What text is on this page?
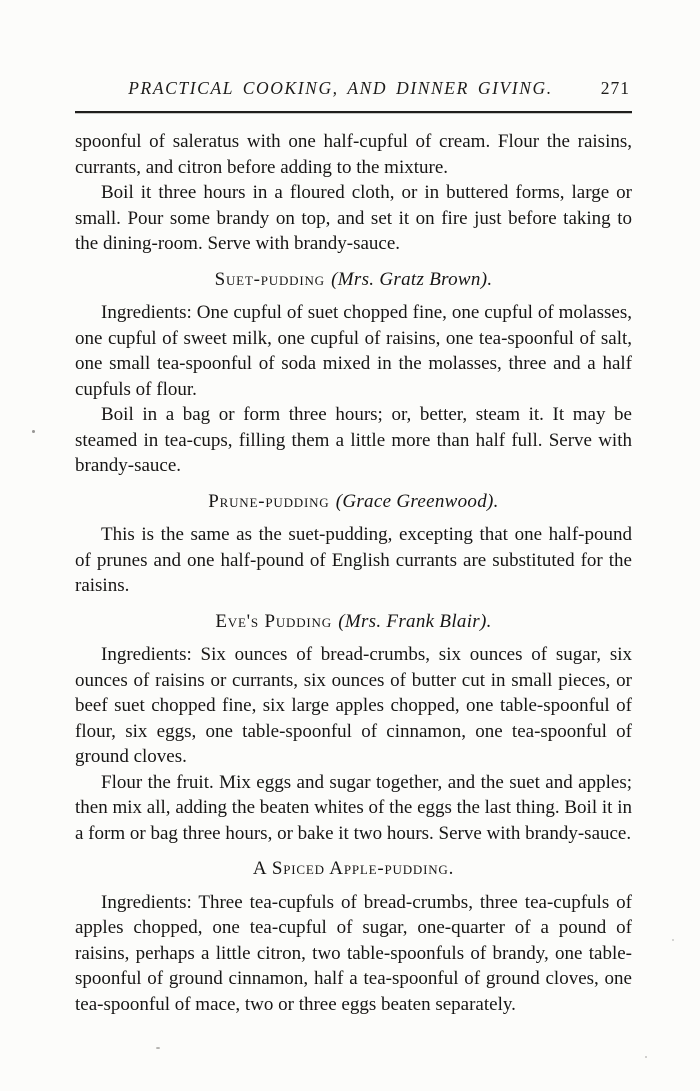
PRACTICAL COOKING, AND DINNER GIVING.	271

spoonful of saleratus with one half-cupful of cream. Flour the raisins, currants, and citron before adding to the mixture.

Boil it three hours in a floured cloth, or in buttered forms, large or small. Pour some brandy on top, and set it on fire just before taking to the dining-room. Serve with brandy-sauce.

Suet-pudding (Mrs. Gratz Brown).

Ingredients: One cupful of suet chopped fine, one cupful of molasses, one cupful of sweet milk, one cupful of raisins, one tea-spoonful of salt, one small tea-spoonful of soda mixed in the molasses, three and a half cupfuls of flour.

Boil in a bag or form three hours; or, better, steam it. It may be steamed in tea-cups, filling them a little more than half full. Serve with brandy-sauce.

Prune-pudding (Grace Greenwood).

This is the same as the suet-pudding, excepting that one half-pound of prunes and one half-pound of English currants are substituted for the raisins.

Eve's Pudding (Mrs. Frank Blair).

Ingredients: Six ounces of bread-crumbs, six ounces of sugar, six ounces of raisins or currants, six ounces of butter cut in small pieces, or beef suet chopped fine, six large apples chopped, one table-spoonful of flour, six eggs, one table-spoonful of cinnamon, one tea-spoonful of ground cloves.

Flour the fruit. Mix eggs and sugar together, and the suet and apples; then mix all, adding the beaten whites of the eggs the last thing. Boil it in a form or bag three hours, or bake it two hours. Serve with brandy-sauce.

A Spiced Apple-pudding.

Ingredients: Three tea-cupfuls of bread-crumbs, three tea-cupfuls of apples chopped, one tea-cupful of sugar, one-quarter of a pound of raisins, perhaps a little citron, two table-spoonfuls of brandy, one table-spoonful of ground cinnamon, half a tea-spoonful of ground cloves, one tea-spoonful of mace, two or three eggs beaten separately.
